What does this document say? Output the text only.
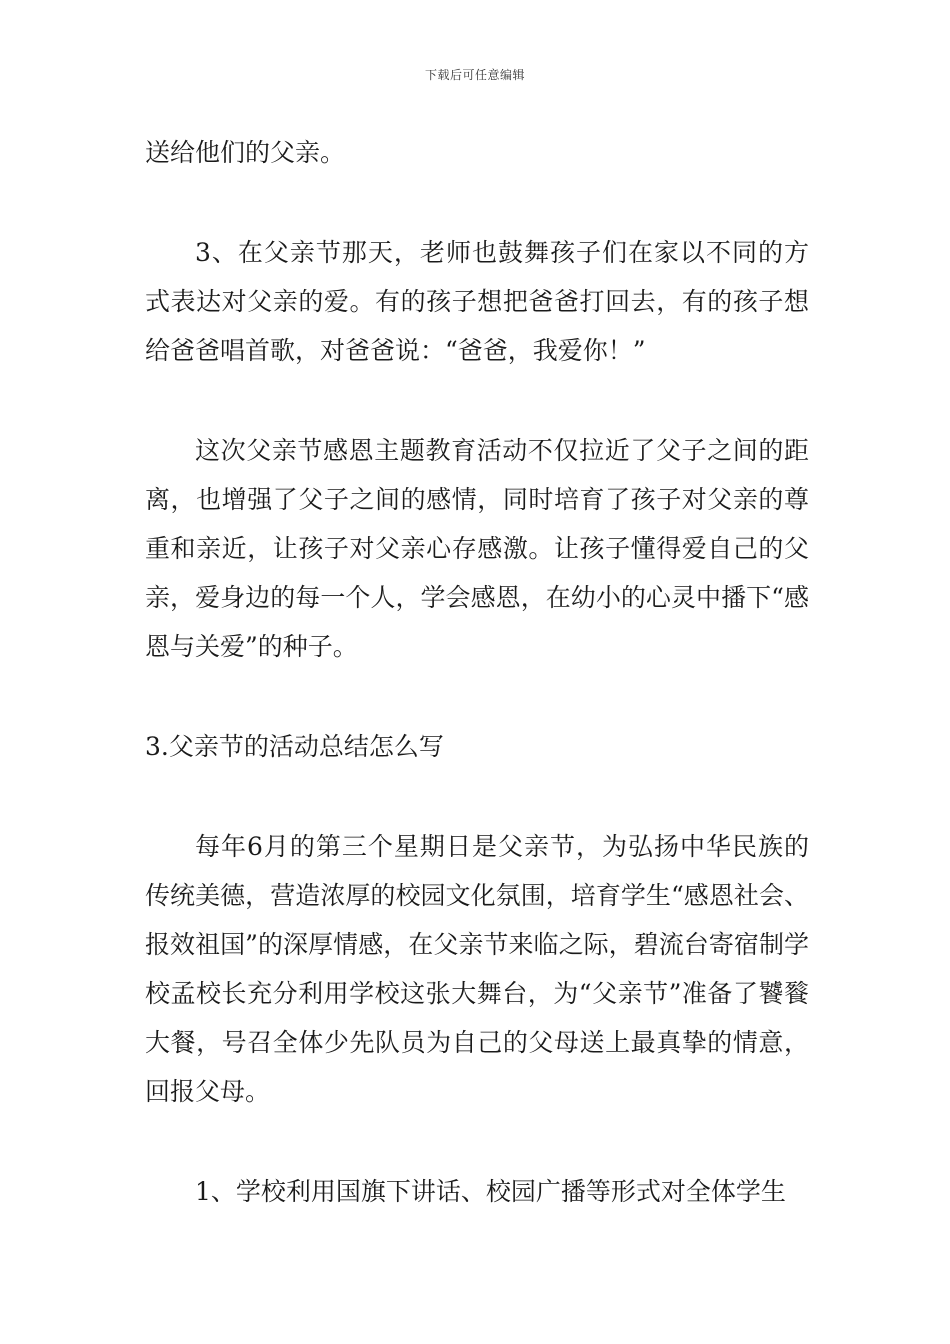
下载后可任意编辑

送给他们的父亲。

3、在父亲节那天，老师也鼓舞孩子们在家以不同的方式表达对父亲的爱。有的孩子想把爸爸打回去，有的孩子想给爸爸唱首歌，对爸爸说：“爸爸，我爱你！”

这次父亲节感恩主题教育活动不仅拉近了父子之间的距离，也增强了父子之间的感情，同时培育了孩子对父亲的尊重和亲近，让孩子对父亲心存感激。让孩子懂得爱自己的父亲，爱身边的每一个人，学会感恩，在幼小的心灵中播下“感恩与关爱”的种子。

3.父亲节的活动总结怎么写

每年6月的第三个星期日是父亲节，为弘扬中华民族的传统美德，营造浓厚的校园文化氛围，培育学生“感恩社会、报效祖国”的深厚情感，在父亲节来临之际，碧流台寄宿制学校孟校长充分利用学校这张大舞台，为“父亲节”准备了饕餮大餐，号召全体少先队员为自己的父母送上最真挚的情意，回报父母。

1、学校利用国旗下讲话、校园广播等形式对全体学生
